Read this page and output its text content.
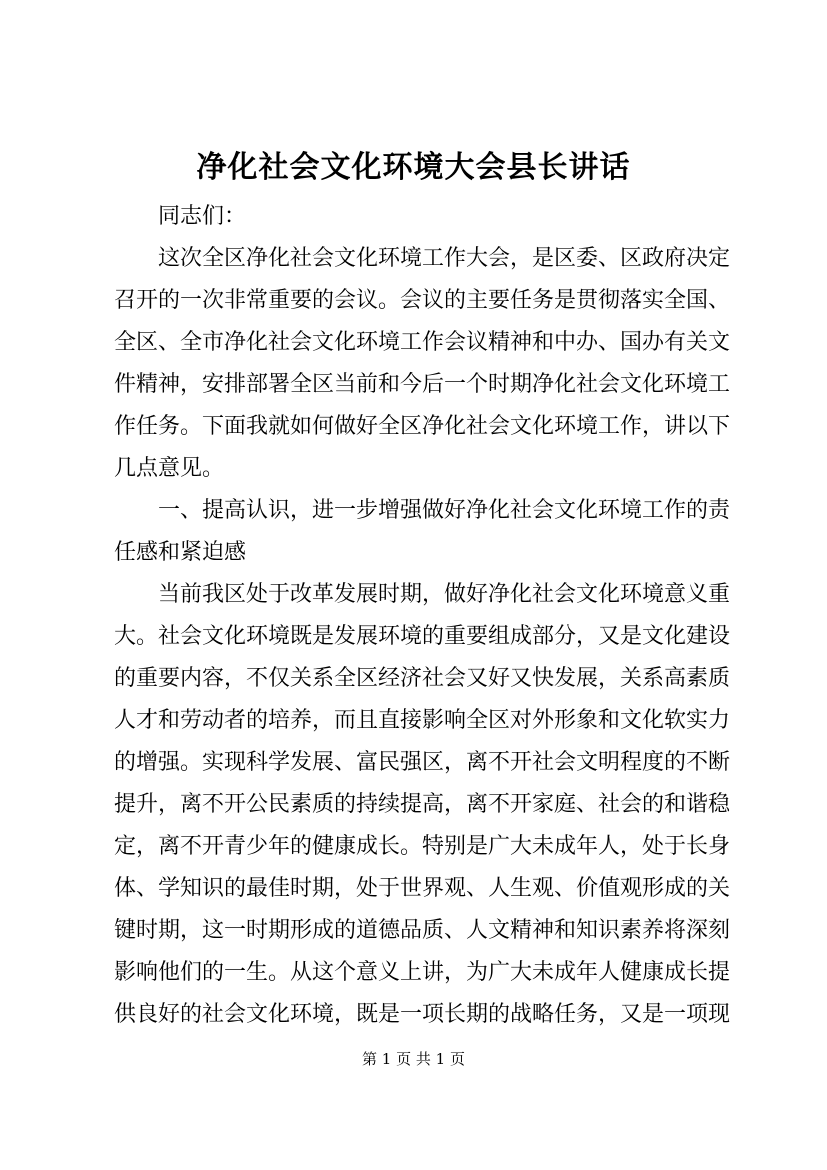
净化社会文化环境大会县长讲话
同志们：
这次全区净化社会文化环境工作大会，是区委、区政府决定
召开的一次非常重要的会议。会议的主要任务是贯彻落实全国、
全区、全市净化社会文化环境工作会议精神和中办、国办有关文
件精神，安排部署全区当前和今后一个时期净化社会文化环境工
作任务。下面我就如何做好全区净化社会文化环境工作，讲以下
几点意见。
一、提高认识，进一步增强做好净化社会文化环境工作的责
任感和紧迫感
当前我区处于改革发展时期，做好净化社会文化环境意义重
大。社会文化环境既是发展环境的重要组成部分，又是文化建设
的重要内容，不仅关系全区经济社会又好又快发展，关系高素质
人才和劳动者的培养，而且直接影响全区对外形象和文化软实力
的增强。实现科学发展、富民强区，离不开社会文明程度的不断
提升，离不开公民素质的持续提高，离不开家庭、社会的和谐稳
定，离不开青少年的健康成长。特别是广大未成年人，处于长身
体、学知识的最佳时期，处于世界观、人生观、价值观形成的关
键时期，这一时期形成的道德品质、人文精神和知识素养将深刻
影响他们的一生。从这个意义上讲，为广大未成年人健康成长提
供良好的社会文化环境，既是一项长期的战略任务，又是一项现
第 1 页 共 1 页
